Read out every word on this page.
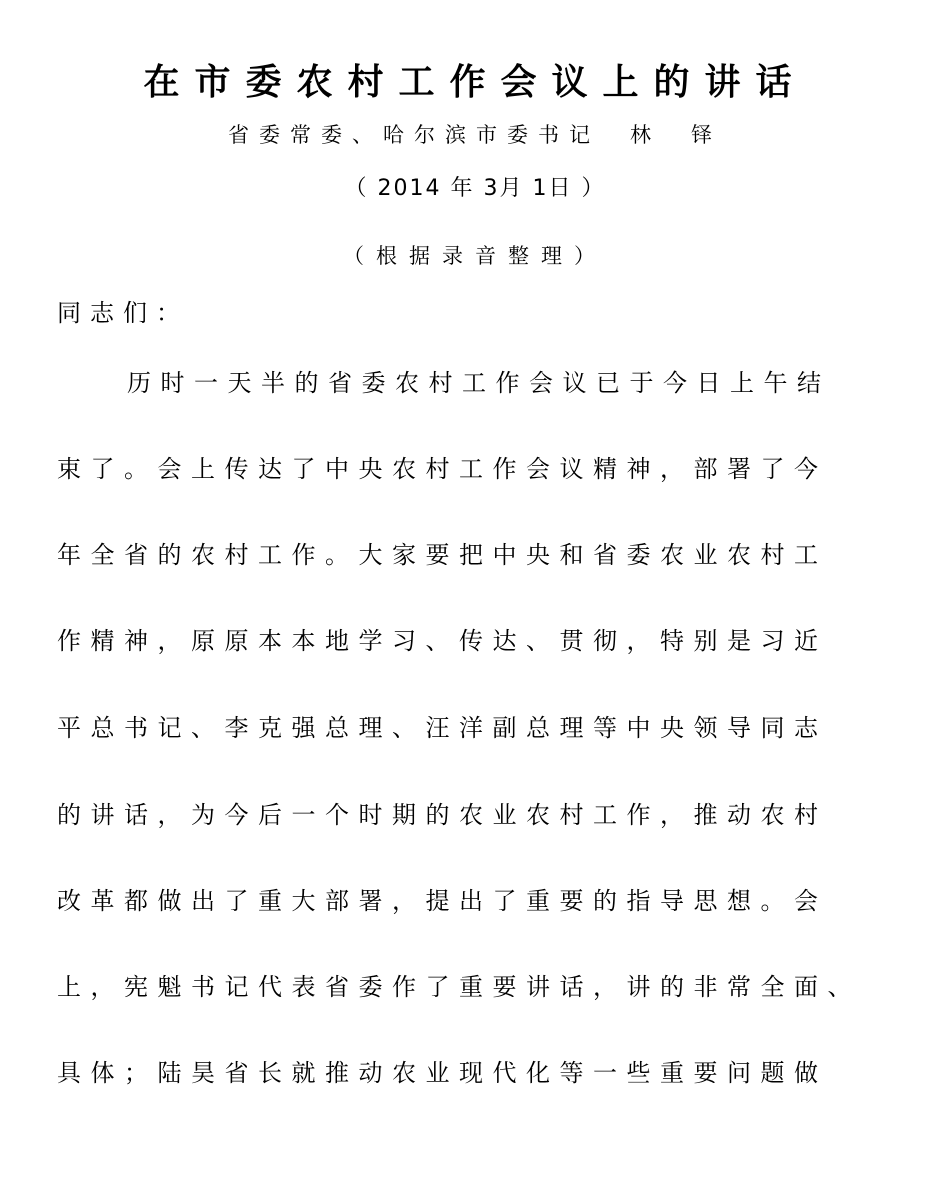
在市委农村工作会议上的讲话
省委常委、哈尔滨市委书记 林 铎
（ 2014 年 3月 1日 ）
（根据录音整理）
同志们：
历时一天半的省委农村工作会议已于今日上午结
束了。会上传达了中央农村工作会议精神，部署了今
年全省的农村工作。大家要把中央和省委农业农村工
作精神，原原本本地学习、传达、贯彻，特别是习近
平总书记、李克强总理、汪洋副总理等中央领导同志
的讲话，为今后一个时期的农业农村工作，推动农村
改革都做出了重大部署，提出了重要的指导思想。会
上，宪魁书记代表省委作了重要讲话，讲的非常全面、
具体；陆昊省长就推动农业现代化等一些重要问题做
